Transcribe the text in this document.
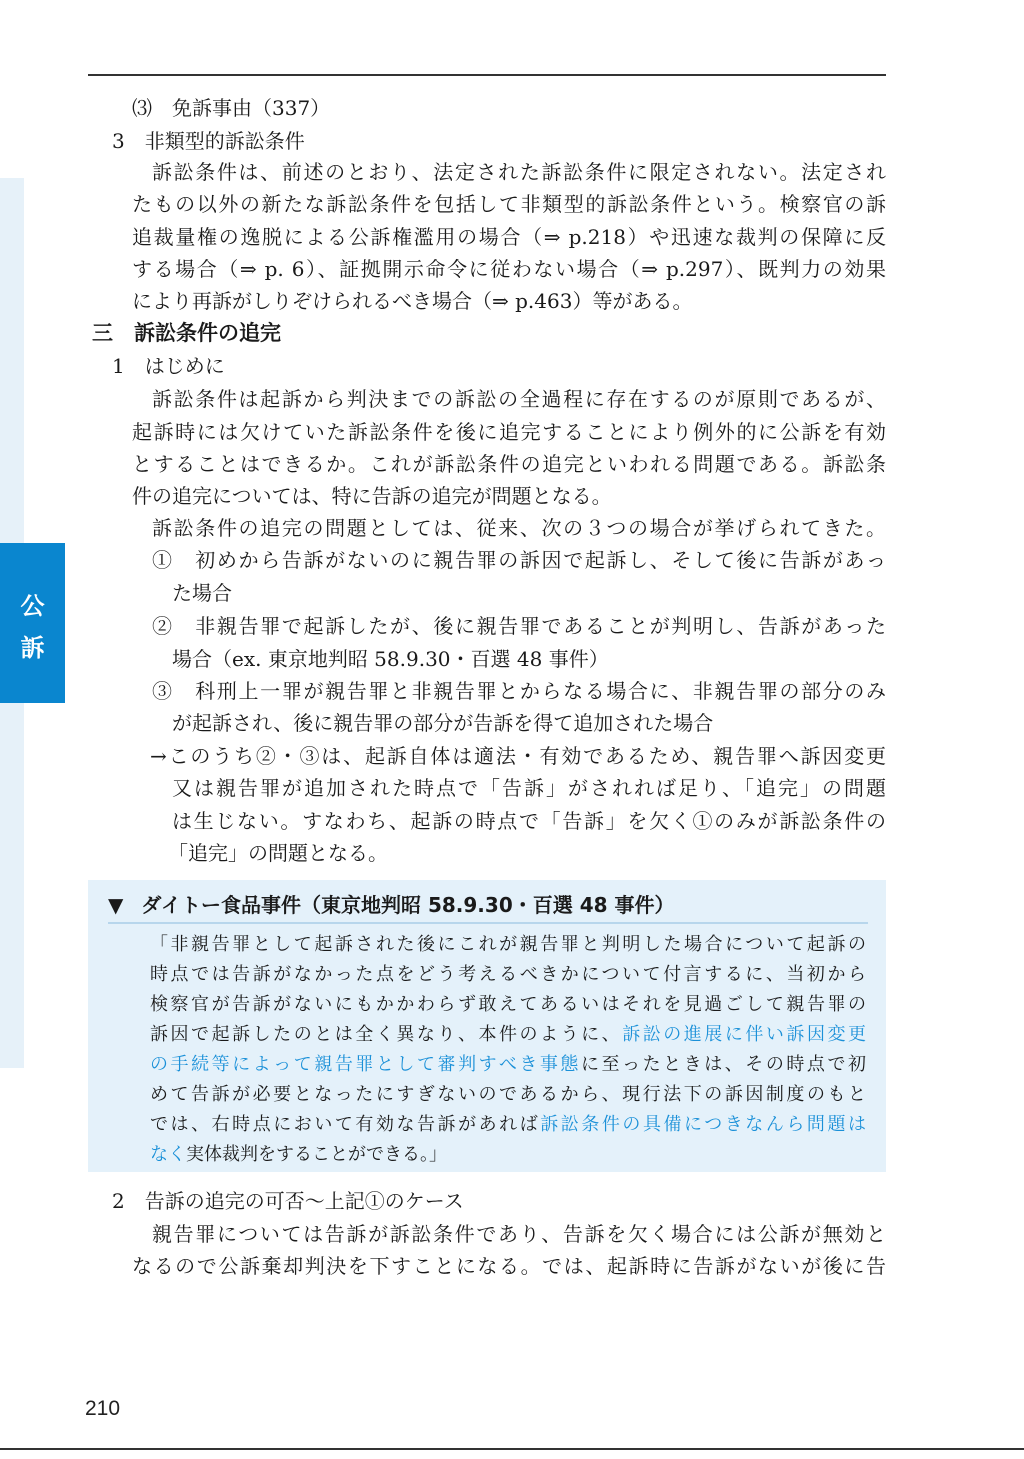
公
訴
⑶　免訴事由（337）
3　非類型的訴訟条件
訴訟条件は、前述のとおり、法定された訴訟条件に限定されない。法定され
たもの以外の新たな訴訟条件を包括して非類型的訴訟条件という。検察官の訴
追裁量権の逸脱による公訴権濫用の場合（⇒ p.218）や迅速な裁判の保障に反
する場合（⇒ p. 6）、証拠開示命令に従わない場合（⇒ p.297）、既判力の効果
により再訴がしりぞけられるべき場合（⇒ p.463）等がある。
三　訴訟条件の追完
1　はじめに
訴訟条件は起訴から判決までの訴訟の全過程に存在するのが原則であるが、
起訴時には欠けていた訴訟条件を後に追完することにより例外的に公訴を有効
とすることはできるか。これが訴訟条件の追完といわれる問題である。訴訟条
件の追完については、特に告訴の追完が問題となる。
訴訟条件の追完の問題としては、従来、次の３つの場合が挙げられてきた。
①　初めから告訴がないのに親告罪の訴因で起訴し、そして後に告訴があっ
た場合
②　非親告罪で起訴したが、後に親告罪であることが判明し、告訴があった
場合（ex. 東京地判昭 58.9.30・百選 48 事件）
③　科刑上一罪が親告罪と非親告罪とからなる場合に、非親告罪の部分のみ
が起訴され、後に親告罪の部分が告訴を得て追加された場合
→このうち②・③は、起訴自体は適法・有効であるため、親告罪へ訴因変更
又は親告罪が追加された時点で「告訴」がされれば足り、「追完」の問題
は生じない。すなわち、起訴の時点で「告訴」を欠く①のみが訴訟条件の
「追完」の問題となる。
▼ ダイトー食品事件（東京地判昭 58.9.30・百選 48 事件）
「非親告罪として起訴された後にこれが親告罪と判明した場合について起訴の
時点では告訴がなかった点をどう考えるべきかについて付言するに、当初から
検察官が告訴がないにもかかわらず敢えてあるいはそれを見過ごして親告罪の
訴因で起訴したのとは全く異なり、本件のように、訴訟の進展に伴い訴因変更
の手続等によって親告罪として審判すべき事態に至ったときは、その時点で初
めて告訴が必要となったにすぎないのであるから、現行法下の訴因制度のもと
では、右時点において有効な告訴があれば訴訟条件の具備につきなんら問題は
なく実体裁判をすることができる。」
2　告訴の追完の可否〜上記①のケース
親告罪については告訴が訴訟条件であり、告訴を欠く場合には公訴が無効と
なるので公訴棄却判決を下すことになる。では、起訴時に告訴がないが後に告
210
